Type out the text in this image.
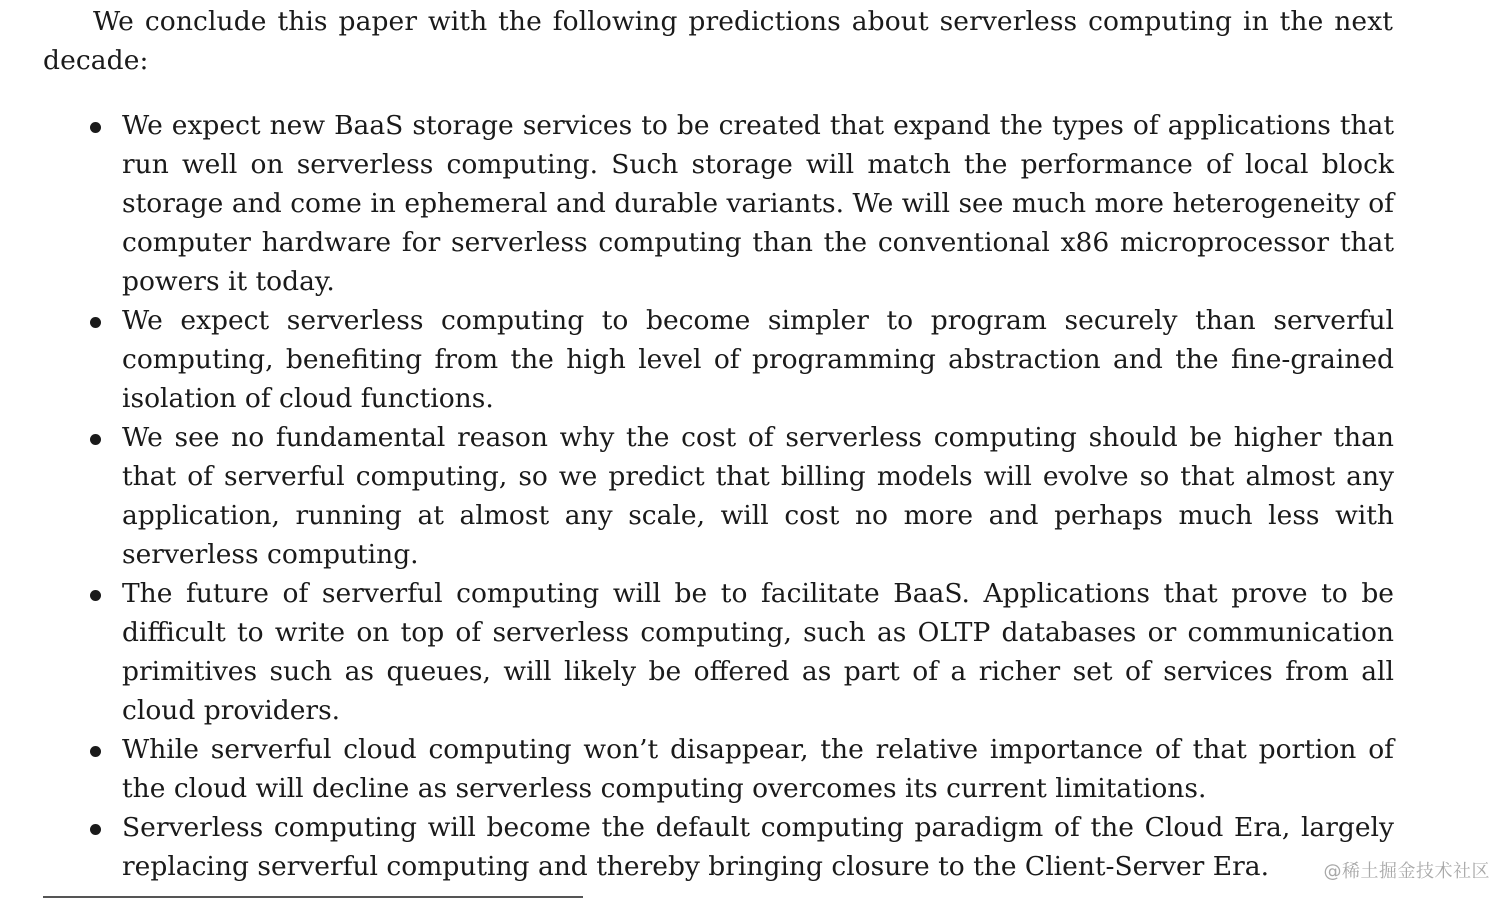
We conclude this paper with the following predictions about serverless computing in the next decade:

We expect new BaaS storage services to be created that expand the types of applications that run well on serverless computing. Such storage will match the performance of local block storage and come in ephemeral and durable variants. We will see much more heterogeneity of computer hardware for serverless computing than the conventional x86 microprocessor that powers it today.
We expect serverless computing to become simpler to program securely than serverful computing, benefiting from the high level of programming abstraction and the fine-grained isolation of cloud functions.
We see no fundamental reason why the cost of serverless computing should be higher than that of serverful computing, so we predict that billing models will evolve so that almost any application, running at almost any scale, will cost no more and perhaps much less with serverless computing.
The future of serverful computing will be to facilitate BaaS. Applications that prove to be difficult to write on top of serverless computing, such as OLTP databases or communication primitives such as queues, will likely be offered as part of a richer set of services from all cloud providers.
While serverful cloud computing won’t disappear, the relative importance of that portion of the cloud will decline as serverless computing overcomes its current limitations.
Serverless computing will become the default computing paradigm of the Cloud Era, largely replacing serverful computing and thereby bringing closure to the Client-Server Era.	@稀土掘金技术社区
